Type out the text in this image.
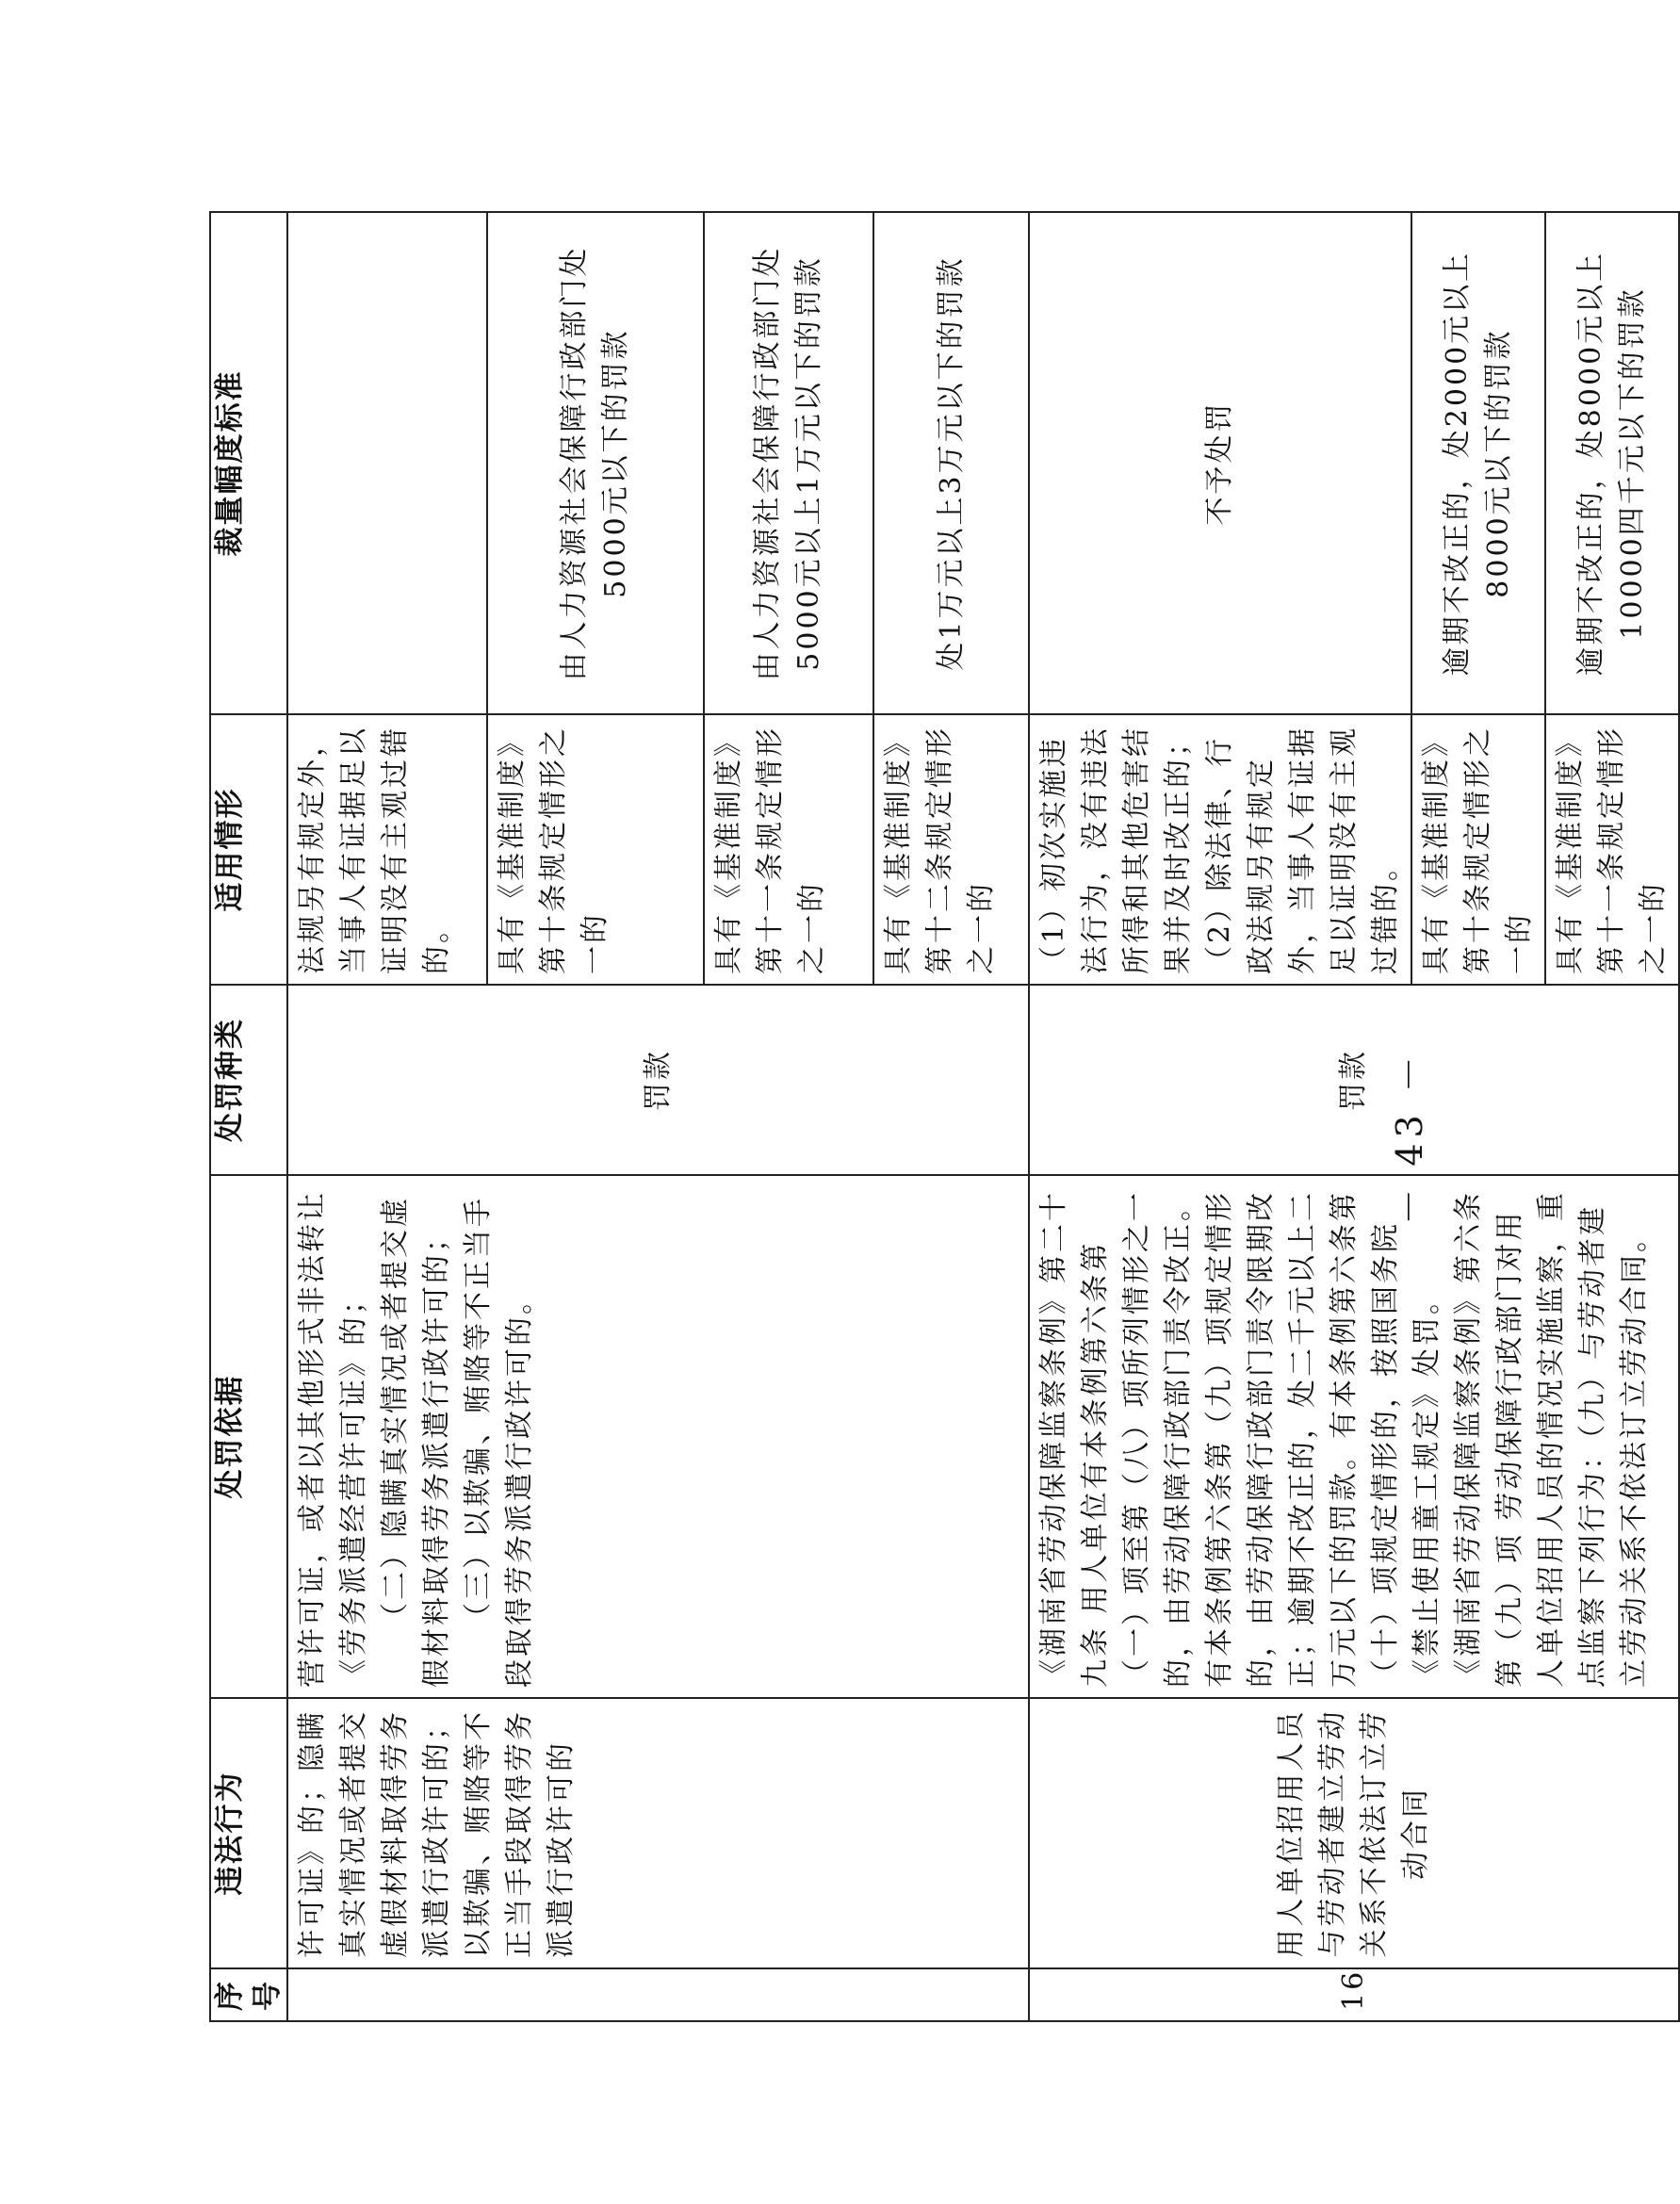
序号	违法行为	处罚依据	处罚种类	适用情形	裁量幅度标准
	许可证》的；隐瞒真实情况或者提交虚假材料取得劳务派遣行政许可的；以欺骗、贿赂等不正当手段取得劳务派遣行政许可的	营许可证，或者以其他形式非法转让《劳务派遣经营许可证》的； （二）隐瞒真实情况或者提交虚假材料取得劳务派遣行政许可的； （三）以欺骗、贿赂等不正当手段取得劳务派遣行政许可的。	罚款	法规另有规定外，当事人有证据足以证明没有主观过错的。	
				具有《基准制度》第十条规定情形之一的	由人力资源社会保障行政部门处5000元以下的罚款
				具有《基准制度》第十一条规定情形之一的	由人力资源社会保障行政部门处5000元以上1万元以下的罚款
				具有《基准制度》第十二条规定情形之一的	处1万元以上3万元以下的罚款
16	用人单位招用人员与劳动者建立劳动关系不依法订立劳动合同	《湖南省劳动保障监察条例》第二十九条 用人单位有本条例第六条第（一）项至第（八）项所列情形之一的，由劳动保障行政部门责令改正。有本条例第六条第（九）项规定情形的，由劳动保障行政部门责令限期改正；逾期不改正的，处二千元以上二万元以下的罚款。有本条例第六条第（十）项规定情形的，按照国务院《禁止使用童工规定》处罚。 《湖南省劳动保障监察条例》第六条第（九）项 劳动保障行政部门对用人单位招用人员的情况实施监察，重点监察下列行为：（九）与劳动者建立劳动关系不依法订立劳动合同。	罚款	（1）初次实施违法行为，没有违法所得和其他危害结果并及时改正的；（2）除法律、行政法规另有规定外，当事人有证据足以证明没有主观过错的。	不予处罚
				具有《基准制度》第十条规定情形之一的	逾期不改正的，处2000元以上8000元以下的罚款
				具有《基准制度》第十一条规定情形之一的	逾期不改正的，处8000元以上10000四千元以下的罚款
－ 43 －
